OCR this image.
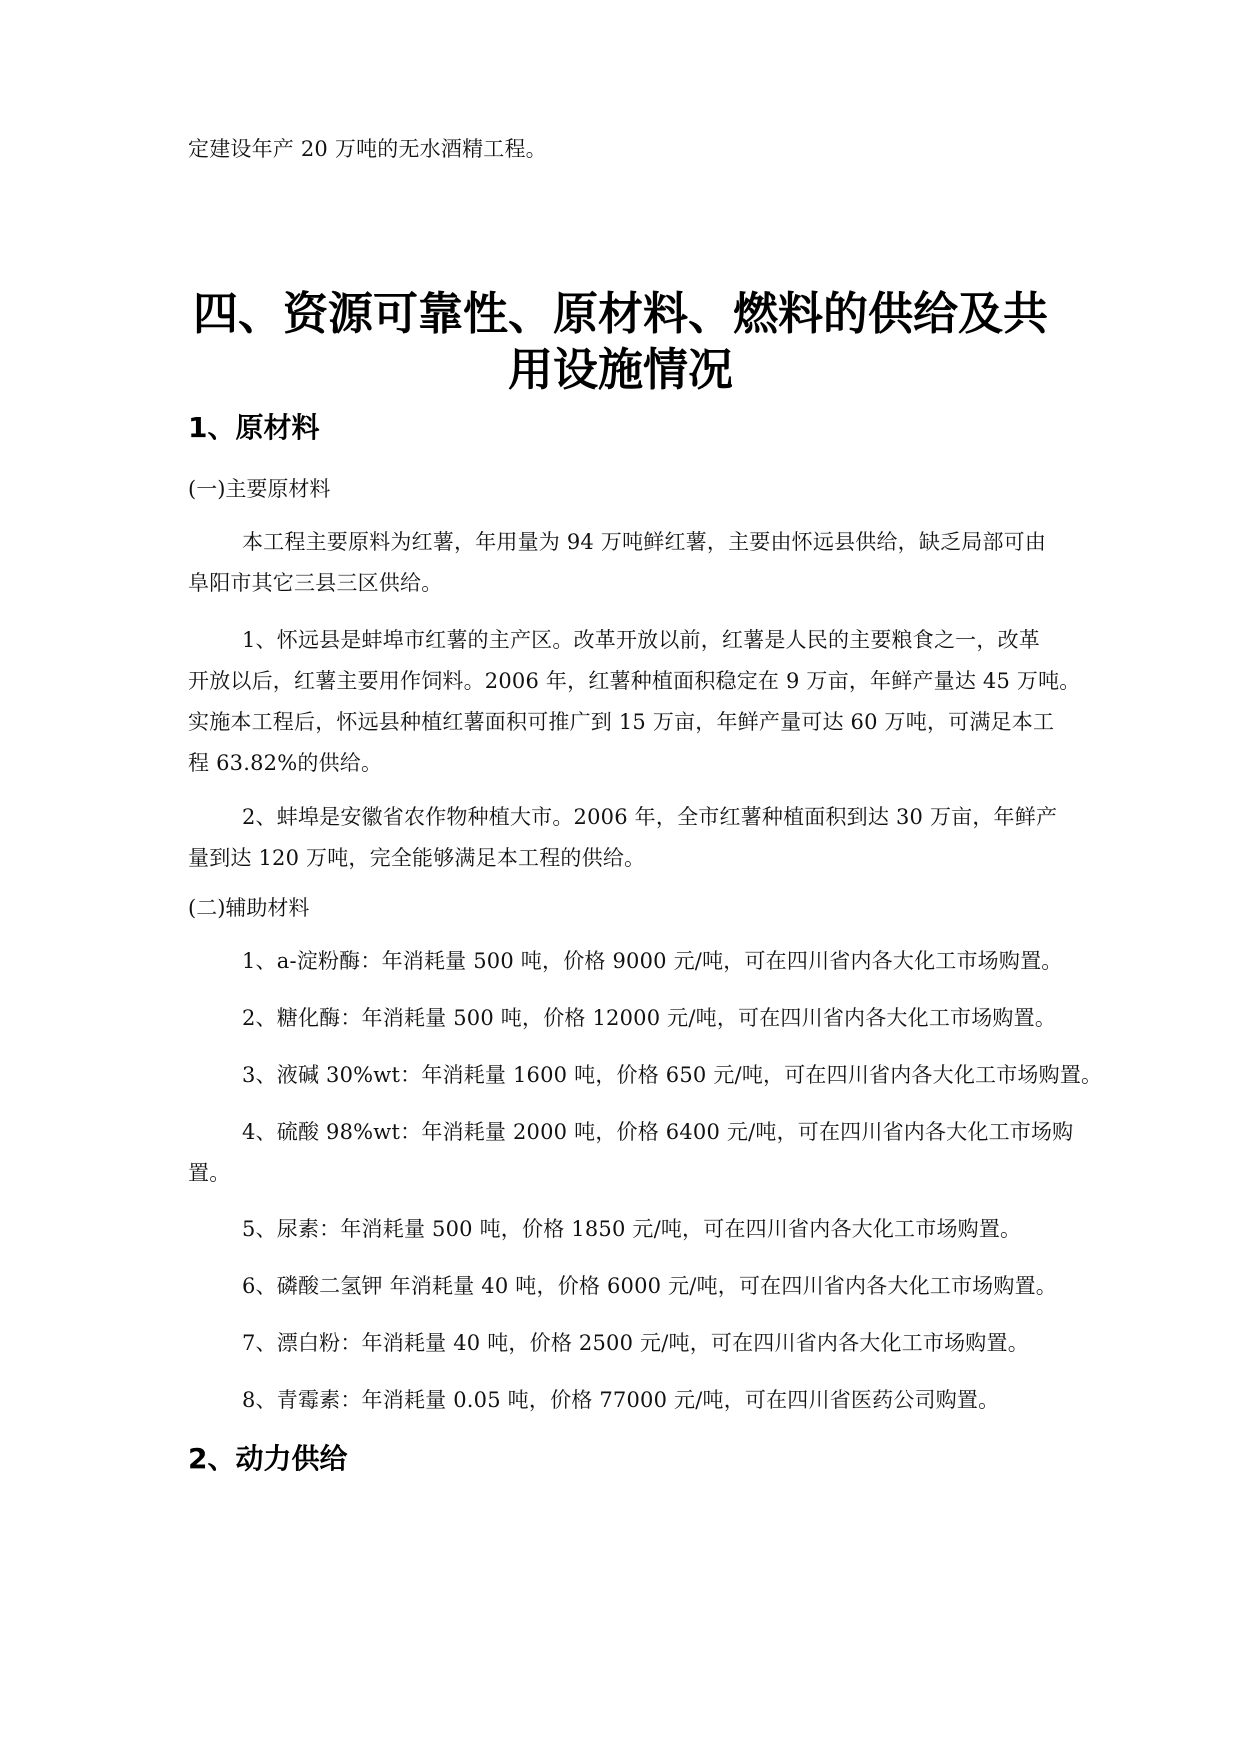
定建设年产 20 万吨的无水酒精工程。
四、资源可靠性、原材料、燃料的供给及共
用设施情况
1、原材料
(一)主要原材料
本工程主要原料为红薯，年用量为 94 万吨鲜红薯，主要由怀远县供给，缺乏局部可由
阜阳市其它三县三区供给。
1、怀远县是蚌埠市红薯的主产区。改革开放以前，红薯是人民的主要粮食之一，改革
开放以后，红薯主要用作饲料。2006 年，红薯种植面积稳定在 9 万亩，年鲜产量达 45 万吨。
实施本工程后，怀远县种植红薯面积可推广到 15 万亩，年鲜产量可达 60 万吨，可满足本工
程 63.82%的供给。
2、蚌埠是安徽省农作物种植大市。2006 年，全市红薯种植面积到达 30 万亩，年鲜产
量到达 120 万吨，完全能够满足本工程的供给。
(二)辅助材料
1、a-淀粉酶：年消耗量 500 吨，价格 9000 元/吨，可在四川省内各大化工市场购置。
2、糖化酶：年消耗量 500 吨，价格 12000 元/吨，可在四川省内各大化工市场购置。
3、液碱 30%wt：年消耗量 1600 吨，价格 650 元/吨，可在四川省内各大化工市场购置。
4、硫酸 98%wt：年消耗量 2000 吨，价格 6400 元/吨，可在四川省内各大化工市场购
置。
5、尿素：年消耗量 500 吨，价格 1850 元/吨，可在四川省内各大化工市场购置。
6、磷酸二氢钾 年消耗量 40 吨，价格 6000 元/吨，可在四川省内各大化工市场购置。
7、漂白粉：年消耗量 40 吨，价格 2500 元/吨，可在四川省内各大化工市场购置。
8、青霉素：年消耗量 0.05 吨，价格 77000 元/吨，可在四川省医药公司购置。
2、动力供给
